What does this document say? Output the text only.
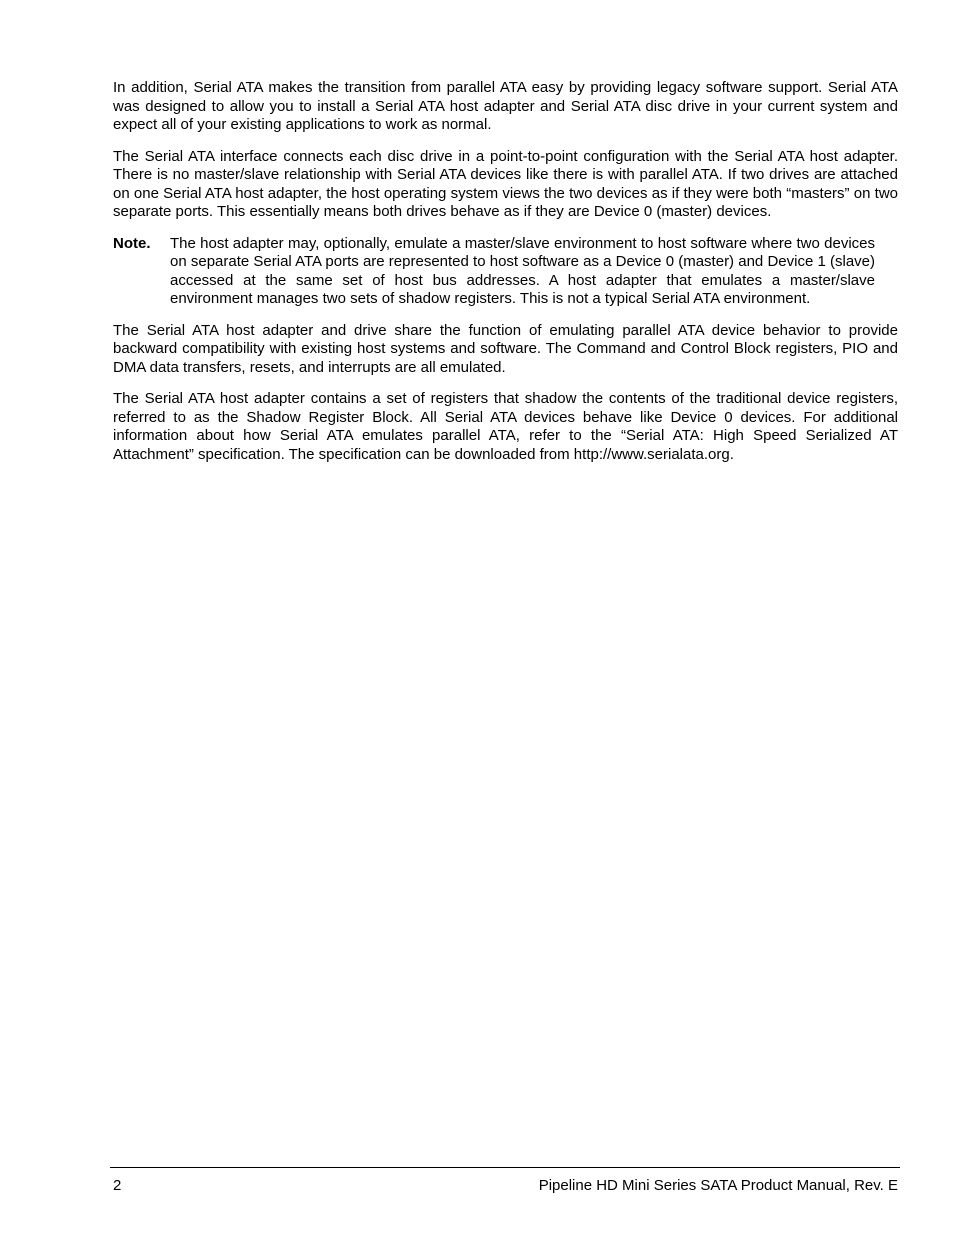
In addition, Serial ATA makes the transition from parallel ATA easy by providing legacy software support. Serial ATA was designed to allow you to install a Serial ATA host adapter and Serial ATA disc drive in your current system and expect all of your existing applications to work as normal.

The Serial ATA interface connects each disc drive in a point-to-point configuration with the Serial ATA host adapter. There is no master/slave relationship with Serial ATA devices like there is with parallel ATA. If two drives are attached on one Serial ATA host adapter, the host operating system views the two devices as if they were both “masters” on two separate ports. This essentially means both drives behave as if they are Device 0 (master) devices.

Note.	The host adapter may, optionally, emulate a master/slave environment to host software where two devices on separate Serial ATA ports are represented to host software as a Device 0 (master) and Device 1 (slave) accessed at the same set of host bus addresses. A host adapter that emulates a master/slave environment manages two sets of shadow registers. This is not a typical Serial ATA environment.

The Serial ATA host adapter and drive share the function of emulating parallel ATA device behavior to provide backward compatibility with existing host systems and software. The Command and Control Block registers, PIO and DMA data transfers, resets, and interrupts are all emulated.

The Serial ATA host adapter contains a set of registers that shadow the contents of the traditional device registers, referred to as the Shadow Register Block. All Serial ATA devices behave like Device 0 devices. For additional information about how Serial ATA emulates parallel ATA, refer to the “Serial ATA: High Speed Serialized AT Attachment” specification. The specification can be downloaded from http://www.serialata.org.

2	Pipeline HD Mini Series SATA Product Manual, Rev. E
